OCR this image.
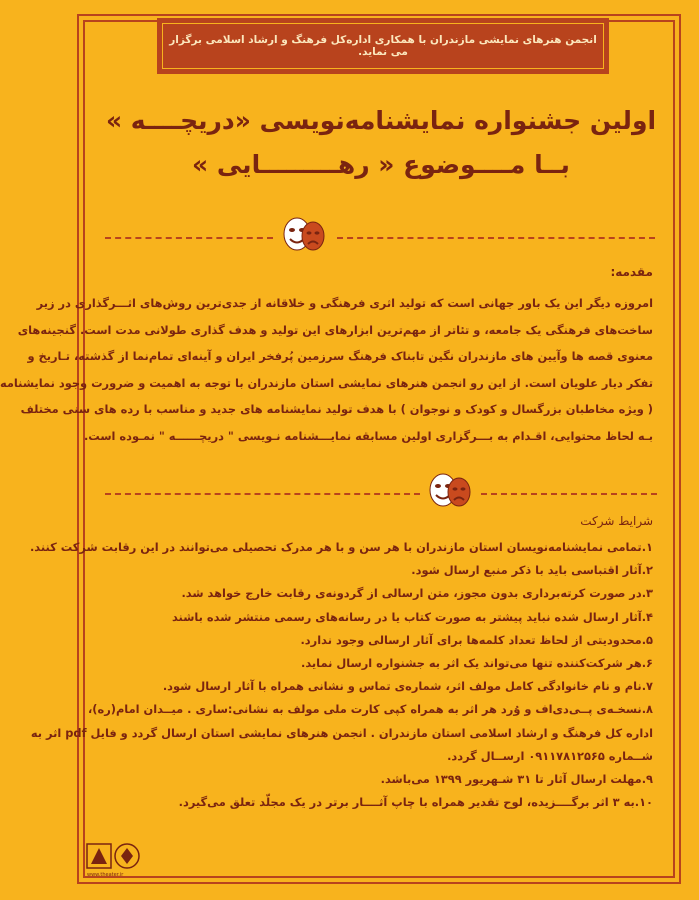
انجمن هنرهای نمایشی مازندران با همکاری اداره‌کل فرهنگ و ارشاد اسلامی برگزار می نماید.
اولین جشنواره نمایشنامه‌نویسی «دریچــــه »
بــا مــــوضوع « رهـــــــــایی »
مقدمه:
امروزه دیگر این یک باور جهانی است که تولید اثری فرهنگی و خلاقانه از جدی‌ترین روش‌های اثـــرگذاری در زیر
ساخت‌های فرهنگی یک جامعه، و تئاتر از مهم‌ترین ابزارهای این تولید و هدف گذاری طولانی مدت است. گنجینه‌های
معنوی قصه ها وآیین های مازندران نگین تابناک فرهنگ سرزمین پُرفخر ایران و آینه‌ای تمام‌نما از گذشته، تـاریخ و
تفکر دیار علویان است. از این رو انجمن هنرهای نمایشی استان مازندران با توجه به اهمیت و ضرورت وجود نمایشنامه
( ویژه مخاطبان بزرگسال و کودک و نوجوان ) با هدف تولید نمایشنامه های جدید و مناسب با رده های سنی مختلف
بـه لحاظ محتوایی، اقـدام به بـــرگزاری اولین مسابقه نمایـــشنامه نـویسی " دریچــــــه " نمـوده است.
شرایط شرکت
۱.تمامی نمایشنامه‌نویسان استان مازندران با هر سن و با هر مدرک تحصیلی می‌توانند در این رقابت شرکت کنند.
۲.آثار اقتباسی باید با ذکر منبع ارسال شود.
۳.در صورت کرته‌برداری بدون مجوز، متن ارسالی از گردونه‌ی رقابت خارج خواهد شد.
۴.آثار ارسال شده نباید پیشتر به صورت کتاب یا در رسانه‌های رسمی منتشر شده باشند
۵.محدودیتی از لحاظ تعداد کلمه‌ها برای آثار ارسالی وجود ندارد.
۶.هر شرکت‌کننده تنها می‌تواند یک اثر به جشنواره ارسال نماید.
۷.نام و نام خانوادگی کامل مولف اثر، شماره‌ی تماس و نشانی همراه با آثار ارسال شود.
۸.نسخـه‌ی پــی‌دی‌اف و وُرد هر اثر به همراه کپی کارت ملی مولف به نشانی:ساری . میــدان امام(ره)،
اداره کل فرهنگ و ارشاد اسلامی استان مازندران . انجمن هنرهای نمایشی استان ارسال گردد و فایل pdf اثر به
شــماره ۰۹۱۱۷۸۱۲۵۶۵ ارســال گردد.
۹.مهلت ارسال آثار تا ۳۱ شـهریور ۱۳۹۹ می‌باشد.
۱۰.به ۳ اثر برگــــزیده، لوح تقدیر همراه با چاپ آثــــار برتر در یک مجلّد تعلق می‌گیرد.
www.theater.ir
